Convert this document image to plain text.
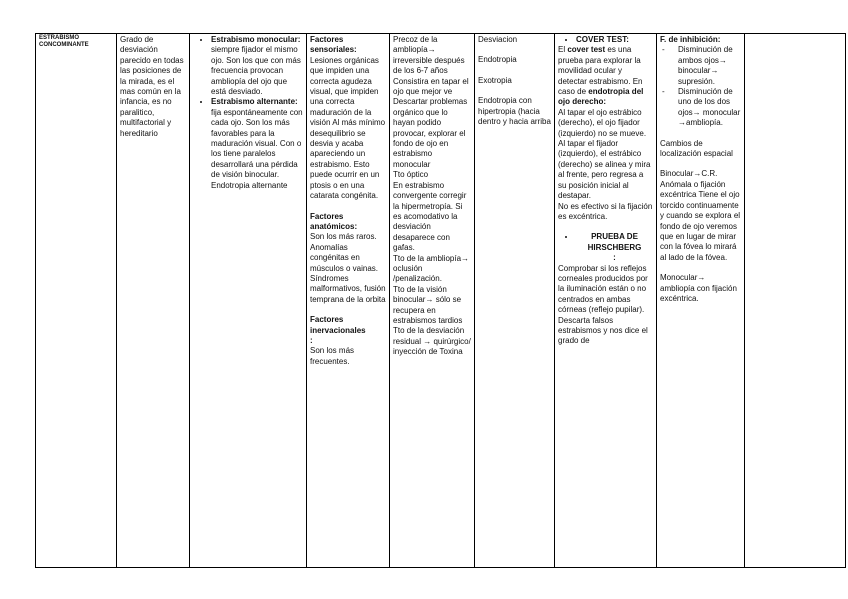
ESTRABISMO CONCOMINANTE

Grado de desviación parecido en todas las posiciones de la mirada, es el mas común en la infancia, es no paralitico, multifactorial y hereditario

• Estrabismo monocular: siempre fijador el mismo ojo. Son los que con más frecuencia provocan ambliopía del ojo que está desviado.
• Estrabismo alternante: fija espontáneamente con cada ojo. Son los más favorables para la maduración visual. Con o los tiene paralelos desarrollará una pérdida de visión binocular. Endotropia alternante

Factores sensoriales:
Lesiones orgánicas que impiden una correcta agudeza visual, que impiden una correcta maduración de la visión Al más mínimo desequilibrio se desvia y acaba apareciendo un estrabismo. Esto puede ocurrir en un ptosis o en una catarata congénita.
Factores anatómicos:
Son los más raros. Anomalías congénitas en músculos o vainas. Síndromes malformativos, fusión temprana de la orbita
Factores inervacionales
:
Son los más frecuentes.

Precoz de la ambliopía→ irreversible después de los 6-7 años
Consistira en tapar el ojo que mejor ve
Descartar problemas orgánico que lo hayan podido provocar, explorar el fondo de ojo en estrabismo monocular
Tto óptico
En estrabismo convergente corregir la hipermetropía. Si es acomodativo la desviación desaparece con gafas.
Tto de la ambliopía→ oclusión /penalización.
Tto de la visión binocular→ sólo se recupera en estrabismos tardios
Tto de la desviación residual → quirúrgico/ inyección de Toxina

Desviacion
Endotropia
Exotropia
Endotropia con hipertropia (hacia dentro y hacia arriba

• COVER TEST:
El cover test es una prueba para explorar la movilidad ocular y detectar estrabismo. En caso de endotropia del ojo derecho:
Al tapar el ojo estrábico (derecho), el ojo fijador (izquierdo) no se mueve.
Al tapar el fijador (izquierdo), el estrábico (derecho) se alinea y mira al frente, pero regresa a su posición inicial al destapar.
No es efectivo si la fijación es excéntrica.
• PRUEBA DE HIRSCHBERG
:
Comprobar si los reflejos corneales producidos por la iluminación están o no centrados en ambas córneas (reflejo pupilar). Descarta falsos estrabismos y nos dice el grado de

F. de inhibición:
- Disminución de ambos ojos→ binocular→ supresión.
- Disminución de uno de los dos ojos→ monocular →ambliopía.
Cambios de localización espacial
Binocular→C.R. Anómala o fijación excéntrica Tiene el ojo torcido continuamente y cuando se explora el fondo de ojo veremos que en lugar de mirar con la fóvea lo mirará al lado de la fóvea.
Monocular→ ambliopía con fijación excéntrica.
